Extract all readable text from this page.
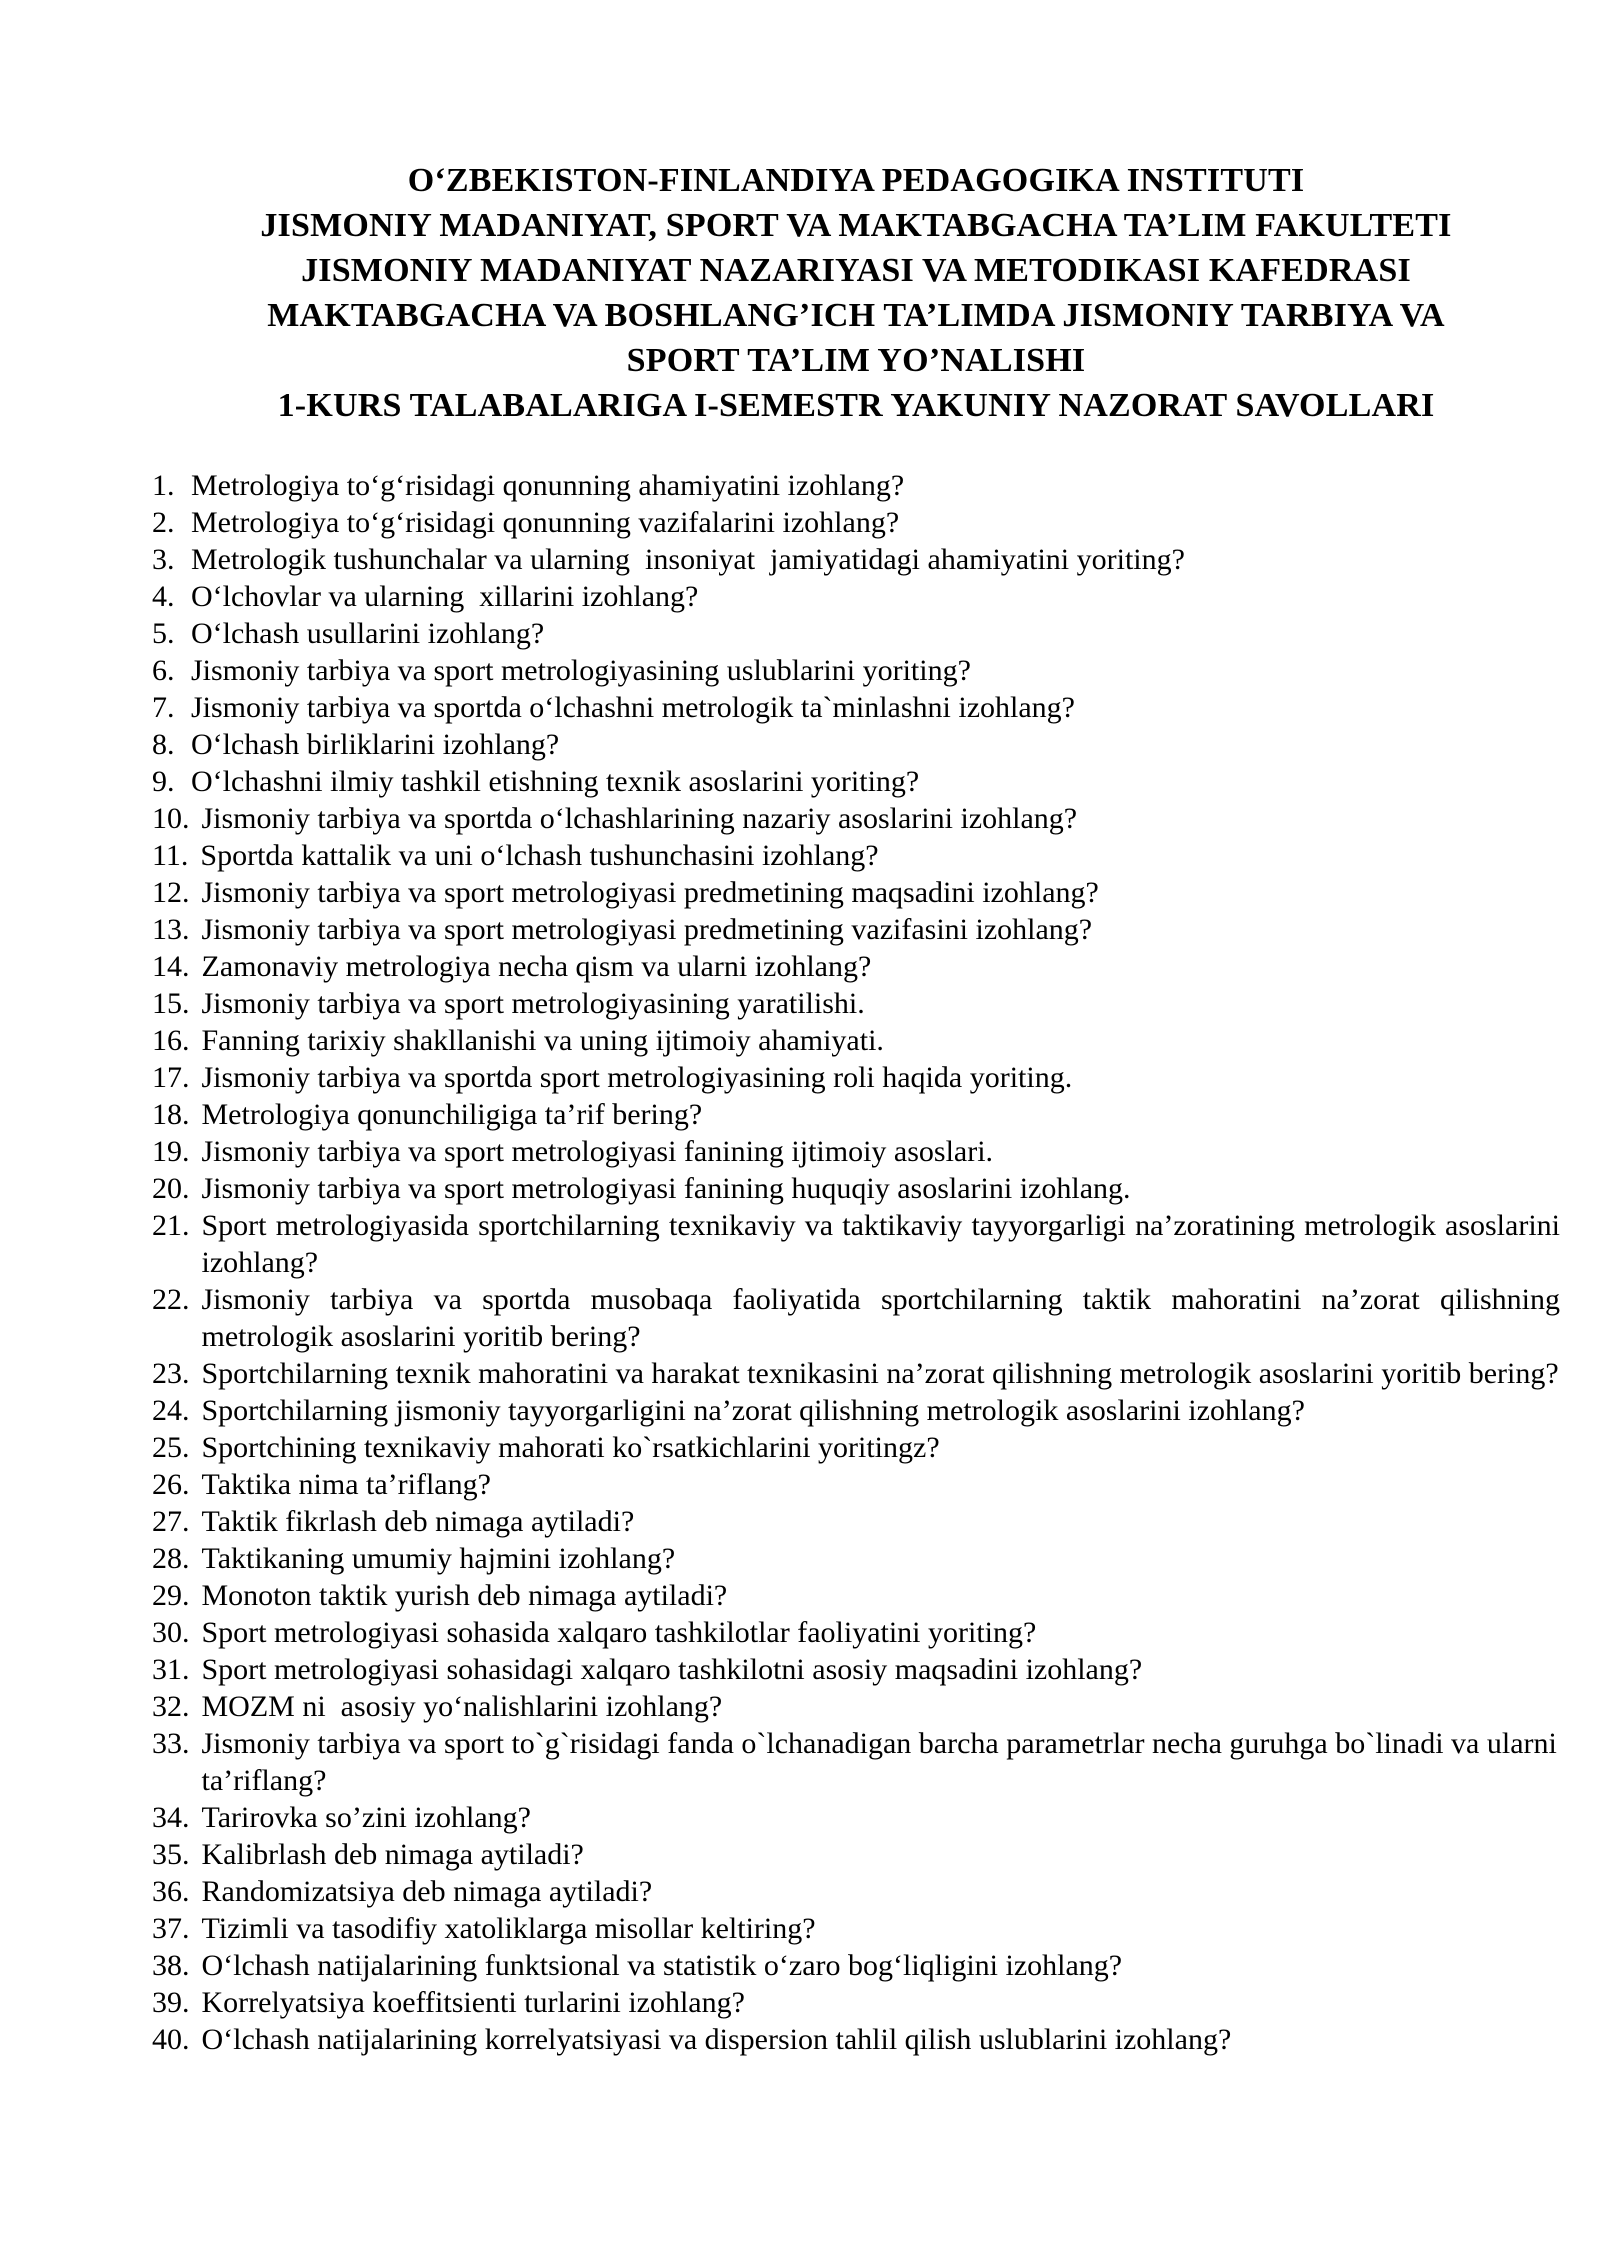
O‘ZBEKISTON-FINLANDIYA PEDAGOGIKA INSTITUTI
JISMONIY MADANIYAT, SPORT VA MAKTABGACHA TA’LIM FAKULTETI
JISMONIY MADANIYAT NAZARIYASI VA METODIKASI KAFEDRASI
MAKTABGACHA VA BOSHLANG’ICH TA’LIMDA JISMONIY TARBIYA VA
SPORT TA’LIM YO’NALISHI
1-KURS TALABALARIGA I-SEMESTR YAKUNIY NAZORAT SAVOLLARI
1. Metrologiya to‘g‘risidagi qonunning ahamiyatini izohlang?
2. Metrologiya to‘g‘risidagi qonunning vazifalarini izohlang?
3. Metrologik tushunchalar va ularning  insoniyat  jamiyatidagi ahamiyatini yoriting?
4. O‘lchovlar va ularning  xillarini izohlang?
5. O‘lchash usullarini izohlang?
6. Jismoniy tarbiya va sport metrologiyasining uslublarini yoriting?
7. Jismoniy tarbiya va sportda o‘lchashni metrologik ta`minlashni izohlang?
8. O‘lchash birliklarini izohlang?
9. O‘lchashni ilmiy tashkil etishning texnik asoslarini yoriting?
10. Jismoniy tarbiya va sportda o‘lchashlarining nazariy asoslarini izohlang?
11. Sportda kattalik va uni o‘lchash tushunchasini izohlang?
12. Jismoniy tarbiya va sport metrologiyasi predmetining maqsadini izohlang?
13. Jismoniy tarbiya va sport metrologiyasi predmetining vazifasini izohlang?
14. Zamonaviy metrologiya necha qism va ularni izohlang?
15. Jismoniy tarbiya va sport metrologiyasining yaratilishi.
16. Fanning tarixiy shakllanishi va uning ijtimoiy ahamiyati.
17. Jismoniy tarbiya va sportda sport metrologiyasining roli haqida yoriting.
18. Metrologiya qonunchiligiga ta’rif bering?
19. Jismoniy tarbiya va sport metrologiyasi fanining ijtimoiy asoslari.
20. Jismoniy tarbiya va sport metrologiyasi fanining huquqiy asoslarini izohlang.
21. Sport metrologiyasida sportchilarning texnikaviy va taktikaviy tayyorgarligi na’zoratining metrologik asoslarini izohlang?
22. Jismoniy tarbiya va sportda musobaqa faoliyatida sportchilarning taktik mahoratini na’zorat qilishning metrologik asoslarini yoritib bering?
23. Sportchilarning texnik mahoratini va harakat texnikasini na’zorat qilishning metrologik asoslarini yoritib bering?
24. Sportchilarning jismoniy tayyorgarligini na’zorat qilishning metrologik asoslarini izohlang?
25. Sportchining texnikaviy mahorati ko`rsatkichlarini yoritingz?
26. Taktika nima ta’riflang?
27. Taktik fikrlash deb nimaga aytiladi?
28. Taktikaning umumiy hajmini izohlang?
29. Monoton taktik yurish deb nimaga aytiladi?
30. Sport metrologiyasi sohasida xalqaro tashkilotlar faoliyatini yoriting?
31. Sport metrologiyasi sohasidagi xalqaro tashkilotni asosiy maqsadini izohlang?
32. MOZM ni  asosiy yo‘nalishlarini izohlang?
33. Jismoniy tarbiya va sport to`g`risidagi fanda o`lchanadigan barcha parametrlar necha guruhga bo`linadi va ularni ta’riflang?
34. Tarirovka so’zini izohlang?
35. Kalibrlash deb nimaga aytiladi?
36. Randomizatsiya deb nimaga aytiladi?
37. Tizimli va tasodifiy xatoliklarga misollar keltiring?
38. O‘lchash natijalarining funktsional va statistik o‘zaro bog‘liqligini izohlang?
39. Korrelyatsiya koeffitsienti turlarini izohlang?
40. O‘lchash natijalarining korrelyatsiyasi va dispersion tahlil qilish uslublarini izohlang?
